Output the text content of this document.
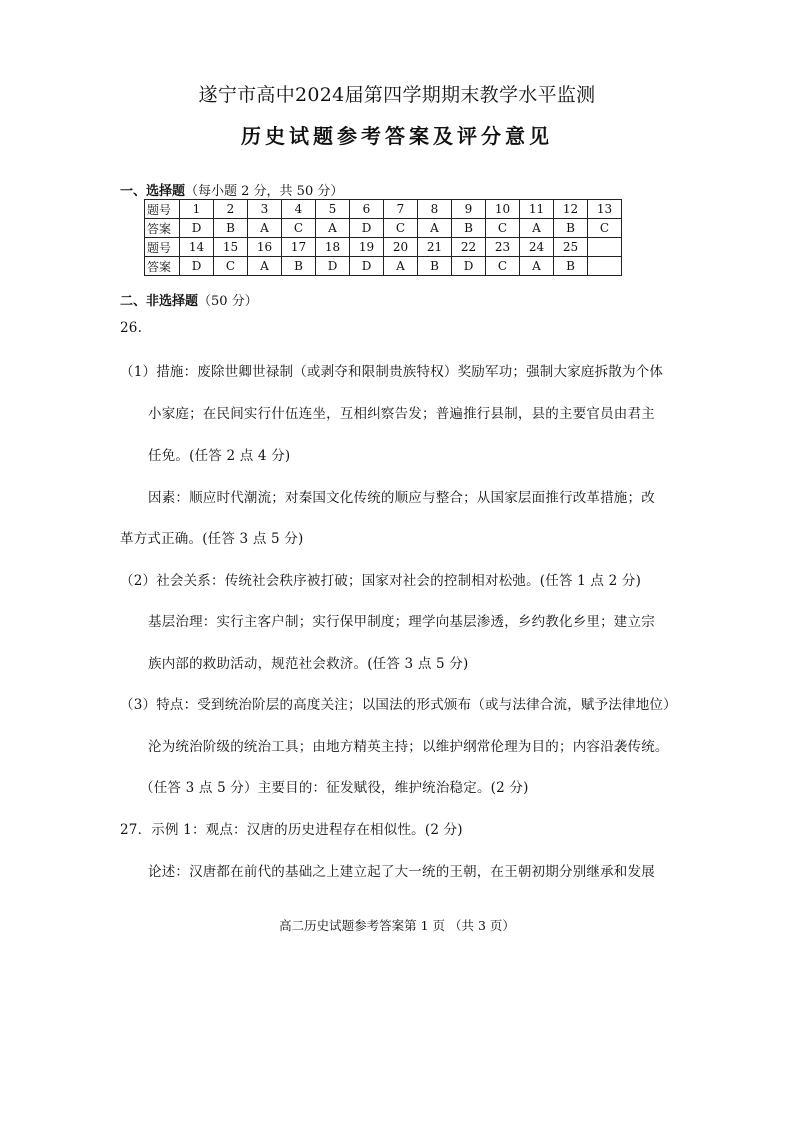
遂宁市高中2024届第四学期期末教学水平监测
历史试题参考答案及评分意见
一、选择题（每小题 2 分，共 50 分）
题号	1	2	3	4	5	6	7	8	9	10	11	12	13
答案	D	B	A	C	A	D	C	A	B	C	A	B	C
题号	14	15	16	17	18	19	20	21	22	23	24	25	
答案	D	C	A	B	D	D	A	B	D	C	A	B	
二、非选择题（50 分）
26.
（1）措施：废除世卿世禄制（或剥夺和限制贵族特权）奖励军功；强制大家庭拆散为个体
小家庭；在民间实行什伍连坐，互相纠察告发；普遍推行县制，县的主要官员由君主
任免。(任答 2 点 4 分)
因素：顺应时代潮流；对秦国文化传统的顺应与整合；从国家层面推行改革措施；改
革方式正确。(任答 3 点 5 分)
（2）社会关系：传统社会秩序被打破；国家对社会的控制相对松弛。(任答 1 点 2 分)
基层治理：实行主客户制；实行保甲制度；理学向基层渗透，乡约教化乡里；建立宗
族内部的救助活动，规范社会救济。(任答 3 点 5 分)
（3）特点：受到统治阶层的高度关注；以国法的形式颁布（或与法律合流，赋予法律地位）
沦为统治阶级的统治工具；由地方精英主持；以维护纲常伦理为目的；内容沿袭传统。
（任答 3 点 5 分）主要目的：征发赋役，维护统治稳定。(2 分)
27．示例 1：观点：汉唐的历史进程存在相似性。(2 分)
论述：汉唐都在前代的基础之上建立起了大一统的王朝，在王朝初期分别继承和发展
高二历史试题参考答案第 1 页 （共 3 页）
